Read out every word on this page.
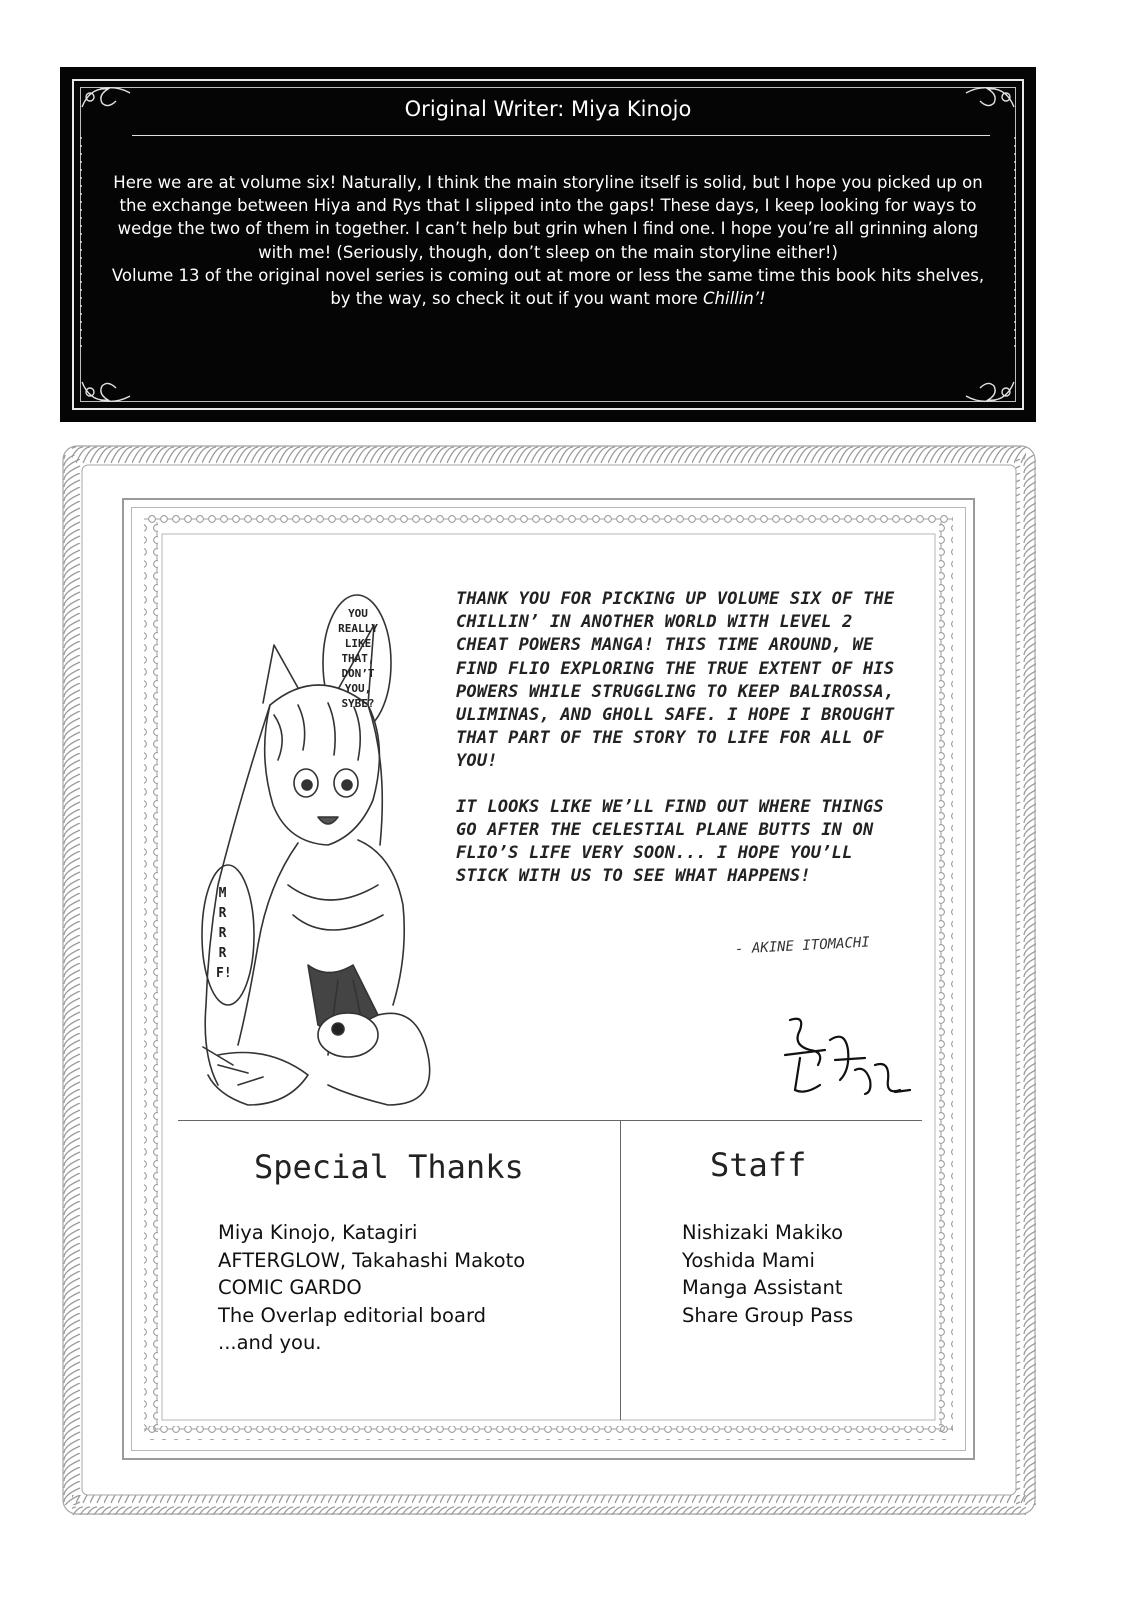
Original Writer: Miya Kinojo

Here we are at volume six! Naturally, I think the main storyline itself is solid, but I hope you picked up on the exchange between Hiya and Rys that I slipped into the gaps! These days, I keep looking for ways to wedge the two of them in together. I can’t help but grin when I find one. I hope you’re all grinning along with me! (Seriously, though, don’t sleep on the main storyline either!)

Volume 13 of the original novel series is coming out at more or less the same time this book hits shelves, by the way, so check it out if you want more Chillin’!

YOU REALLY LIKE THAT, DON’T YOU, SYBE?
MRRRF!

THANK YOU FOR PICKING UP VOLUME SIX OF THE CHILLIN’ IN ANOTHER WORLD WITH LEVEL 2 CHEAT POWERS MANGA! THIS TIME AROUND, WE FIND FLIO EXPLORING THE TRUE EXTENT OF HIS POWERS WHILE STRUGGLING TO KEEP BALIROSSA, ULIMINAS, AND GHOLL SAFE. I HOPE I BROUGHT THAT PART OF THE STORY TO LIFE FOR ALL OF YOU!

IT LOOKS LIKE WE’LL FIND OUT WHERE THINGS GO AFTER THE CELESTIAL PLANE BUTTS IN ON FLIO’S LIFE VERY SOON... I HOPE YOU’LL STICK WITH US TO SEE WHAT HAPPENS!

- AKINE ITOMACHI
Special Thanks
Miya Kinojo, Katagiri
AFTERGLOW, Takahashi Makoto
COMIC GARDO
The Overlap editorial board
...and you.
Staff
Nishizaki Makiko
Yoshida Mami
Manga Assistant
Share Group Pass
